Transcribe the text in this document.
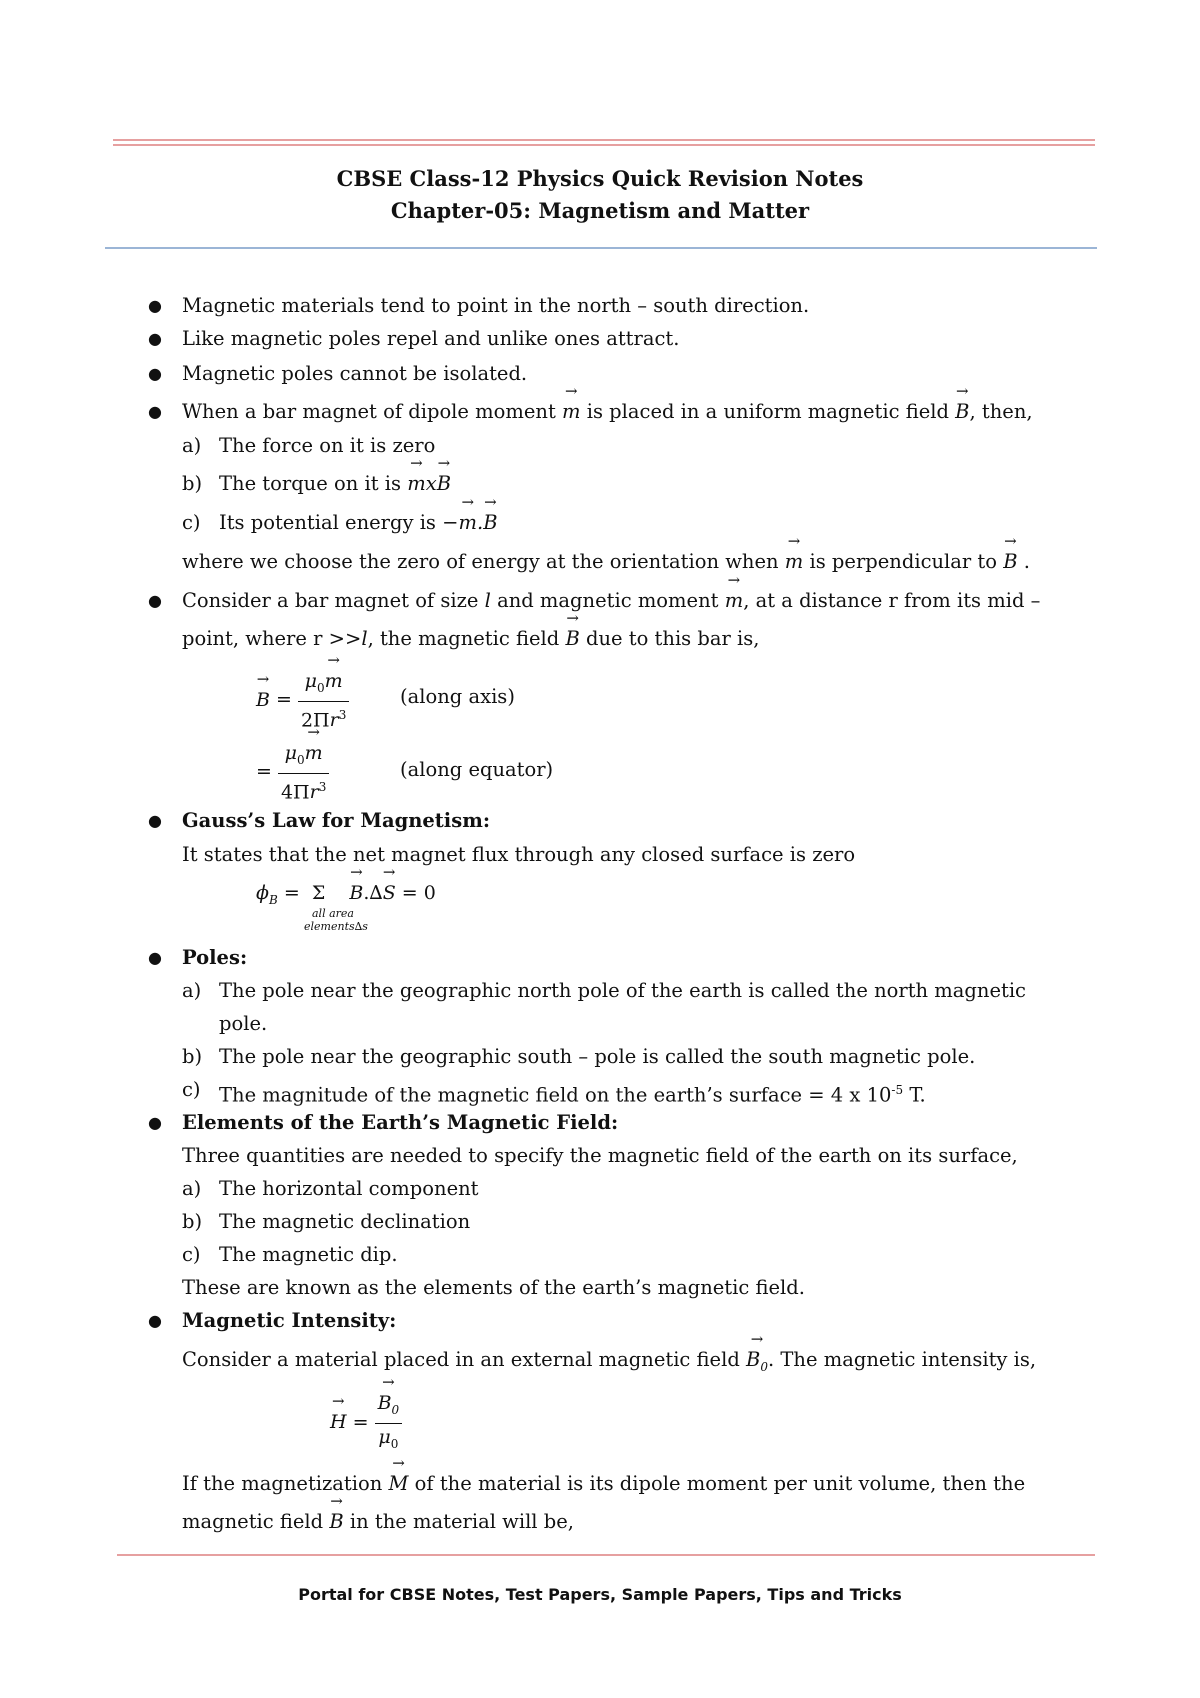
CBSE Class-12 Physics Quick Revision Notes
Chapter-05: Magnetism and Matter
● Magnetic materials tend to point in the north – south direction.
● Like magnetic poles repel and unlike ones attract.
● Magnetic poles cannot be isolated.
● When a bar magnet of dipole moment → m is placed in a uniform magnetic field → B, then,
a) The force on it is zero
b) The torque on it is → mx→ B
c) Its potential energy is −→ m.→ B
where we choose the zero of energy at the orientation when → m is perpendicular to → B .
● Consider a bar magnet of size l and magnetic moment → m, at a distance r from its mid –
point, where r >>l, the magnetic field → B due to this bar is,
→ $B = \frac{\mu_0\to m}{2\Pi r^3}$	(along axis)
= $\frac{\mu_0\to m}{4\Pi r^3}$	(along equator)
● Gauss’s Law for Magnetism:
It states that the net magnet flux through any closed surface is zero
$\phi_B = \Sigma$    → B.∆→ S = 0
all area
elements∆s
● Poles:
a) The pole near the geographic north pole of the earth is called the north magnetic
pole.
b) The pole near the geographic south – pole is called the south magnetic pole.
c) The magnitude of the magnetic field on the earth’s surface = 4 x $10^{-5}$ T.
● Elements of the Earth’s Magnetic Field:
Three quantities are needed to specify the magnetic field of the earth on its surface,
a) The horizontal component
b) The magnetic declination
c) The magnetic dip.
These are known as the elements of the earth’s magnetic field.
● Magnetic Intensity:
Consider a material placed in an external magnetic field → $B_0$. The magnetic intensity is,
→ H = → $\frac{B_0}{\mu_0}$
If the magnetization → M of the material is its dipole moment per unit volume, then the
magnetic field → B in the material will be,
Portal for CBSE Notes, Test Papers, Sample Papers, Tips and Tricks
